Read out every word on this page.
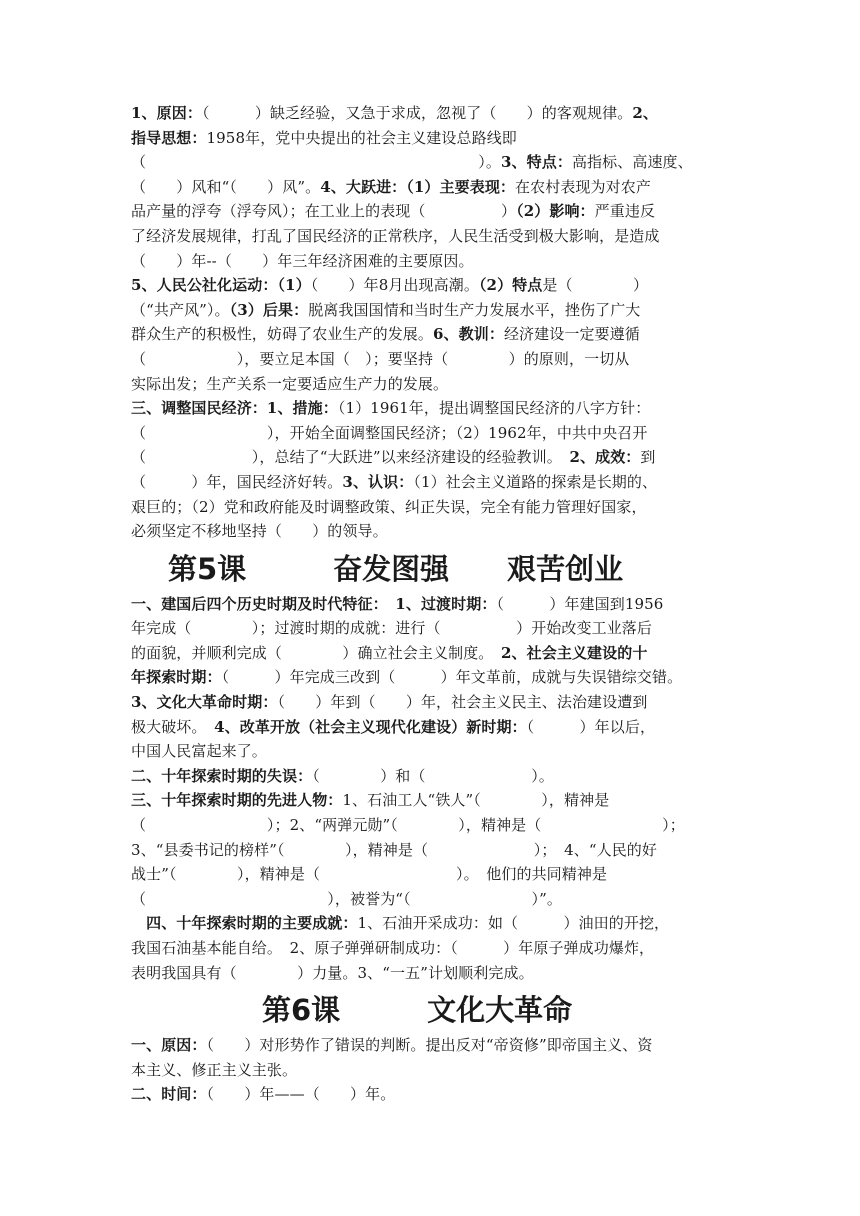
1、原因：（　　　）缺乏经验，又急于求成，忽视了（　　）的客观规律。2、
指导思想：1958年，党中央提出的社会主义建设总路线即
（　　　　　　　　　　　　　　　　　　　　　　）。3、特点：高指标、高速度、
（　　）风和“（　　）风”。4、大跃进：（1）主要表现：在农村表现为对农产
品产量的浮夸（浮夸风）；在工业上的表现（　　　　　）（2）影响：严重违反
了经济发展规律，打乱了国民经济的正常秩序，人民生活受到极大影响，是造成
（　　）年--（　　）年三年经济困难的主要原因。
5、人民公社化运动：（1）（　　）年8月出现高潮。（2）特点是（　　　　）
（“共产风”）。（3）后果：脱离我国国情和当时生产力发展水平，挫伤了广大
群众生产的积极性，妨碍了农业生产的发展。6、教训：经济建设一定要遵循
（　　　　　　），要立足本国（　）；要坚持（　　　　）的原则，一切从
实际出发；生产关系一定要适应生产力的发展。
三、调整国民经济：1、措施：（1）1961年，提出调整国民经济的八字方针：
（　　　　　　　　），开始全面调整国民经济；（2）1962年，中共中央召开
（　　　　　　　），总结了“大跃进”以来经济建设的经验教训。　2、成效：到
（　　　）年，国民经济好转。3、认识：（1）社会主义道路的探索是长期的、
艰巨的；（2）党和政府能及时调整政策、纠正失误，完全有能力管理好国家，
必须坚定不移地坚持（　　）的领导。
第5课　　　奋发图强　　艰苦创业
一、建国后四个历史时期及时代特征：　1、过渡时期：（　　　）年建国到1956
年完成（　　　　）；过渡时期的成就：进行（　　　　　）开始改变工业落后
的面貌，并顺利完成（　　　　）确立社会主义制度。　2、社会主义建设的十
年探索时期：（　　　）年完成三改到（　　　）年文革前，成就与失误错综交错。
3、文化大革命时期：（　　）年到（　　）年，社会主义民主、法治建设遭到
极大破坏。　4、改革开放（社会主义现代化建设）新时期：（　　　）年以后，
中国人民富起来了。
二、十年探索时期的失误：（　　　　）和（　　　　　　　）。
三、十年探索时期的先进人物：1、石油工人“铁人”（　　　　），精神是
（　　　　　　　　）；2、“两弹元勋”（　　　　），精神是（　　　　　　　　）；
3、“县委书记的榜样”（　　　　），精神是（　　　　　　　）；　4、“人民的好
战士”（　　　　），精神是（　　　　　　　　　）。　他们的共同精神是
（　　　　　　　　　　　　），被誉为“（　　　　　　　　）”。
　四、十年探索时期的主要成就：1、石油开采成功：如（　　　）油田的开挖，
我国石油基本能自给。　2、原子弹弹研制成功：（　　　）年原子弹成功爆炸，
表明我国具有（　　　　）力量。3、“一五”计划顺利完成。
第6课　　　文化大革命
一、原因：（　　）对形势作了错误的判断。提出反对“帝资修”即帝国主义、资
本主义、修正主义主张。
二、时间：（　　）年——（　　）年。
